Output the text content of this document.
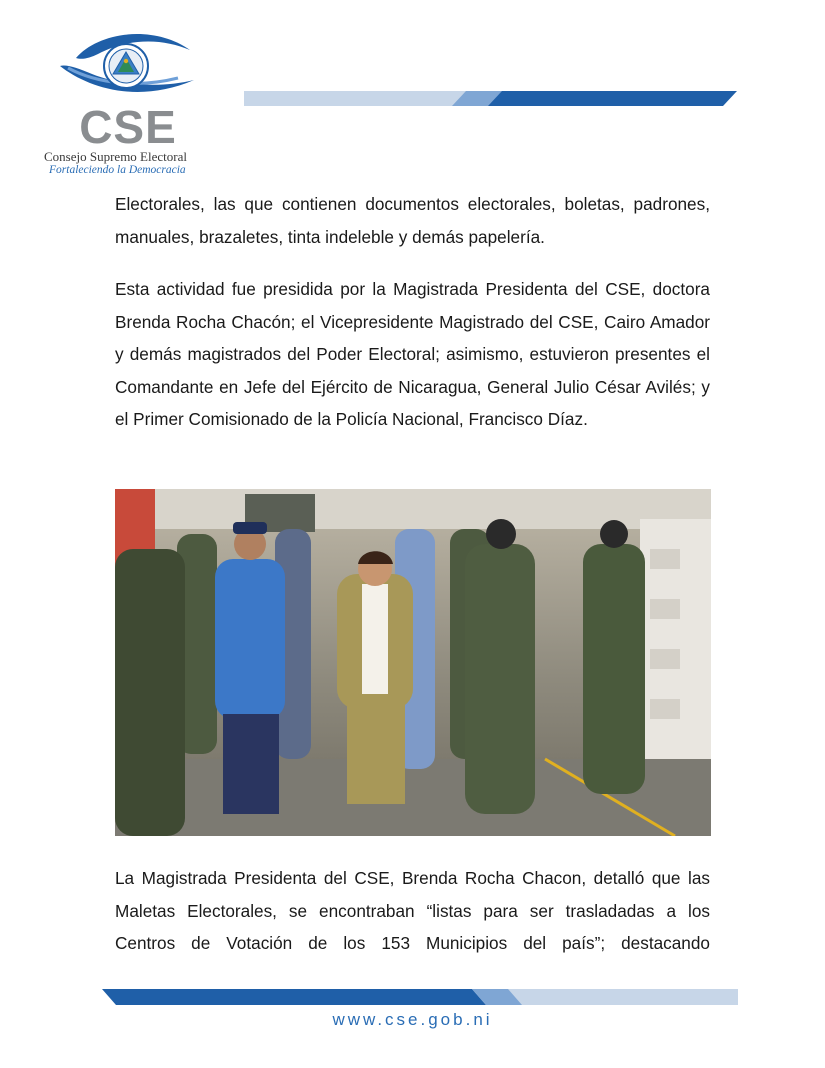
CSE
Consejo Supremo Electoral
Fortaleciendo la Democracia

Electorales, las que contienen documentos electorales, boletas, padrones, manuales, brazaletes, tinta indeleble y demás papelería.

Esta actividad fue presidida por la Magistrada Presidenta del CSE, doctora Brenda Rocha Chacón; el Vicepresidente Magistrado del CSE, Cairo Amador y demás magistrados del Poder Electoral; asimismo, estuvieron presentes el Comandante en Jefe del Ejército de Nicaragua, General Julio César Avilés; y el Primer Comisionado de la Policía Nacional, Francisco Díaz.

La Magistrada Presidenta del CSE, Brenda Rocha Chacon, detalló que las Maletas Electorales, se encontraban “listas para ser trasladadas a los Centros de Votación de los 153 Municipios del país”; destacando

www.cse.gob.ni
